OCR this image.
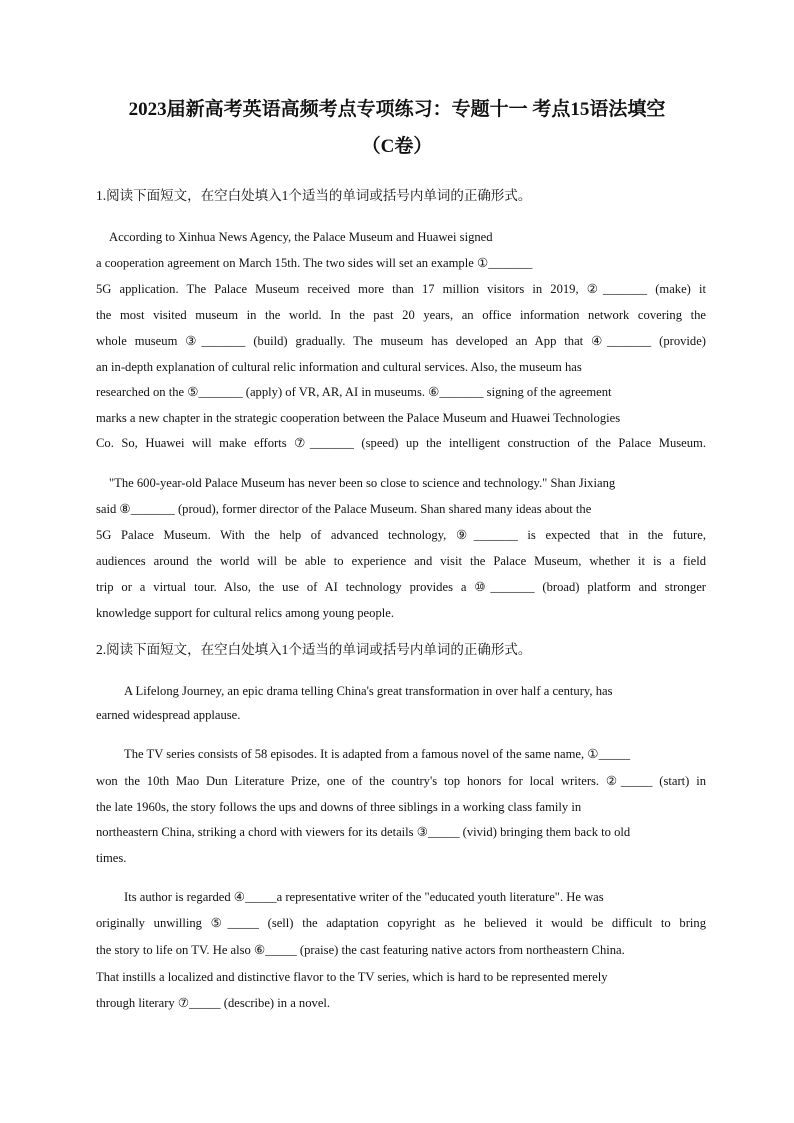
2023届新高考英语高频考点专项练习：专题十一 考点15语法填空
（C卷）
1.阅读下面短文，在空白处填入1个适当的单词或括号内单词的正确形式。
According to Xinhua News Agency, the Palace Museum and Huawei signed
a cooperation agreement on March 15th. The two sides will set an example ①_______
5G application. The Palace Museum received more than 17 million visitors in 2019, ②_______ (make) it
the most visited museum in the world. In the past 20 years, an office information network covering the
whole museum ③_______ (build) gradually. The museum has developed an App that ④_______ (provide)
an in-depth explanation of cultural relic information and cultural services. Also, the museum has
researched on the ⑤_______ (apply) of VR, AR, AI in museums. ⑥_______ signing of the agreement
marks a new chapter in the strategic cooperation between the Palace Museum and Huawei Technologies
Co. So, Huawei will make efforts ⑦_______ (speed) up the intelligent construction of the Palace Museum.
"The 600-year-old Palace Museum has never been so close to science and technology." Shan Jixiang
said ⑧_______ (proud), former director of the Palace Museum. Shan shared many ideas about the
5G Palace Museum. With the help of advanced technology, ⑨_______ is expected that in the future,
audiences around the world will be able to experience and visit the Palace Museum, whether it is a field
trip or a virtual tour. Also, the use of AI technology provides a ⑩_______ (broad) platform and stronger
knowledge support for cultural relics among young people.
2.阅读下面短文，在空白处填入1个适当的单词或括号内单词的正确形式。
A Lifelong Journey, an epic drama telling China's great transformation in over half a century, has
earned widespread applause.
The TV series consists of 58 episodes. It is adapted from a famous novel of the same name, ①_____
won the 10th Mao Dun Literature Prize, one of the country's top honors for local writers. ②_____ (start) in
the late 1960s, the story follows the ups and downs of three siblings in a working class family in
northeastern China, striking a chord with viewers for its details ③_____ (vivid) bringing them back to old
times.
Its author is regarded ④_____a representative writer of the "educated youth literature". He was
originally unwilling ⑤_____ (sell) the adaptation copyright as he believed it would be difficult to bring
the story to life on TV. He also ⑥_____ (praise) the cast featuring native actors from northeastern China.
That instills a localized and distinctive flavor to the TV series, which is hard to be represented merely
through literary ⑦_____ (describe) in a novel.
